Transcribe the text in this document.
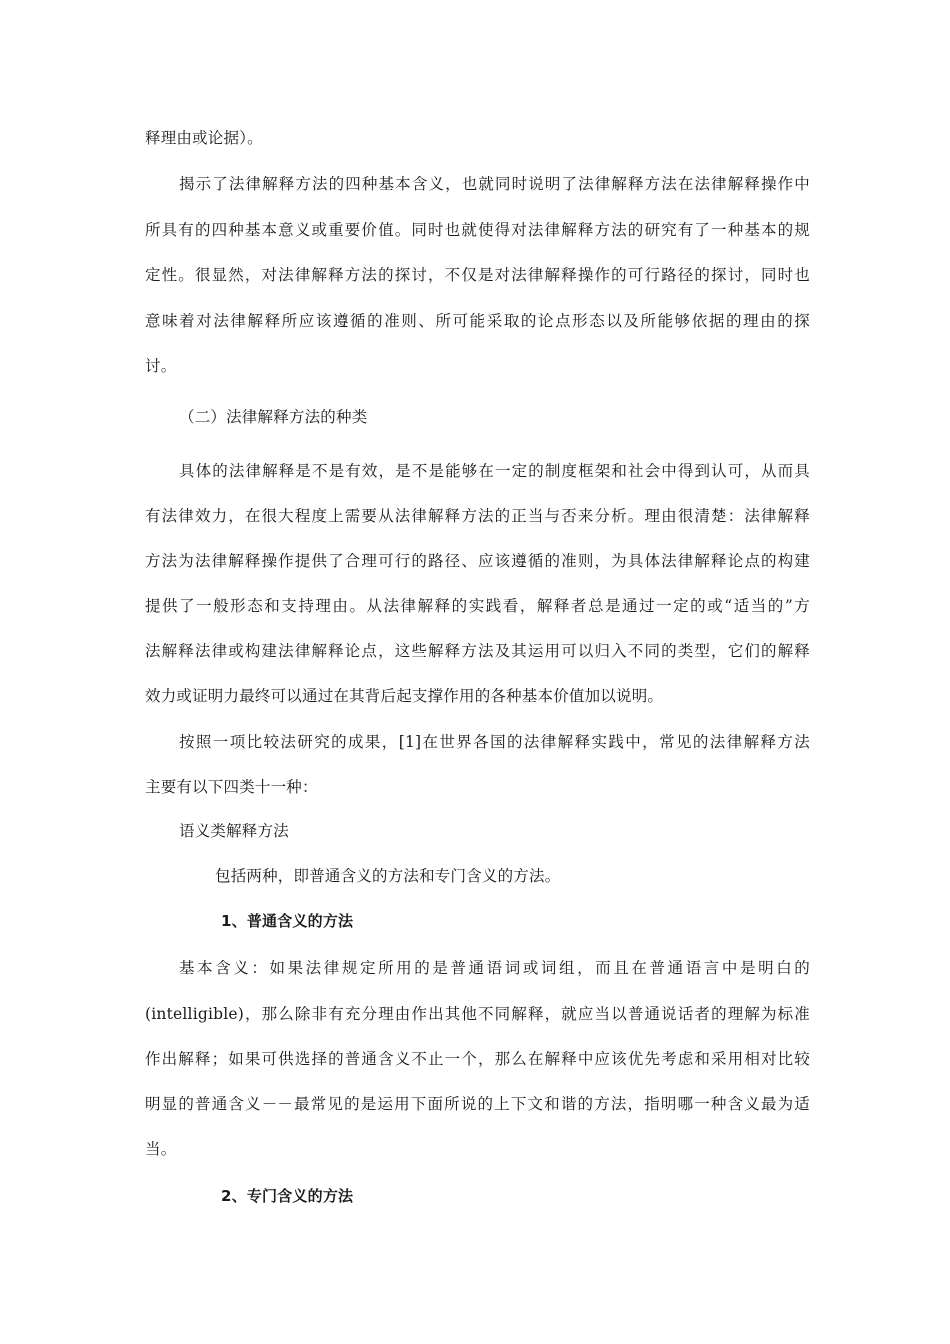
释理由或论据）。
揭示了法律解释方法的四种基本含义，也就同时说明了法律解释方法在法律解释操作中
所具有的四种基本意义或重要价值。同时也就使得对法律解释方法的研究有了一种基本的规
定性。很显然，对法律解释方法的探讨，不仅是对法律解释操作的可行路径的探讨，同时也
意味着对法律解释所应该遵循的准则、所可能采取的论点形态以及所能够依据的理由的探
讨。
（二）法律解释方法的种类
具体的法律解释是不是有效，是不是能够在一定的制度框架和社会中得到认可，从而具
有法律效力，在很大程度上需要从法律解释方法的正当与否来分析。理由很清楚：法律解释
方法为法律解释操作提供了合理可行的路径、应该遵循的准则，为具体法律解释论点的构建
提供了一般形态和支持理由。从法律解释的实践看，解释者总是通过一定的或“适当的”方
法解释法律或构建法律解释论点，这些解释方法及其运用可以归入不同的类型，它们的解释
效力或证明力最终可以通过在其背后起支撑作用的各种基本价值加以说明。
按照一项比较法研究的成果，[1]在世界各国的法律解释实践中，常见的法律解释方法
主要有以下四类十一种：
语义类解释方法
包括两种，即普通含义的方法和专门含义的方法。
1、普通含义的方法
基本含义：如果法律规定所用的是普通语词或词组，而且在普通语言中是明白的
(intelligible)，那么除非有充分理由作出其他不同解释，就应当以普通说话者的理解为标准
作出解释；如果可供选择的普通含义不止一个，那么在解释中应该优先考虑和采用相对比较
明显的普通含义－－最常见的是运用下面所说的上下文和谐的方法，指明哪一种含义最为适
当。
2、专门含义的方法
